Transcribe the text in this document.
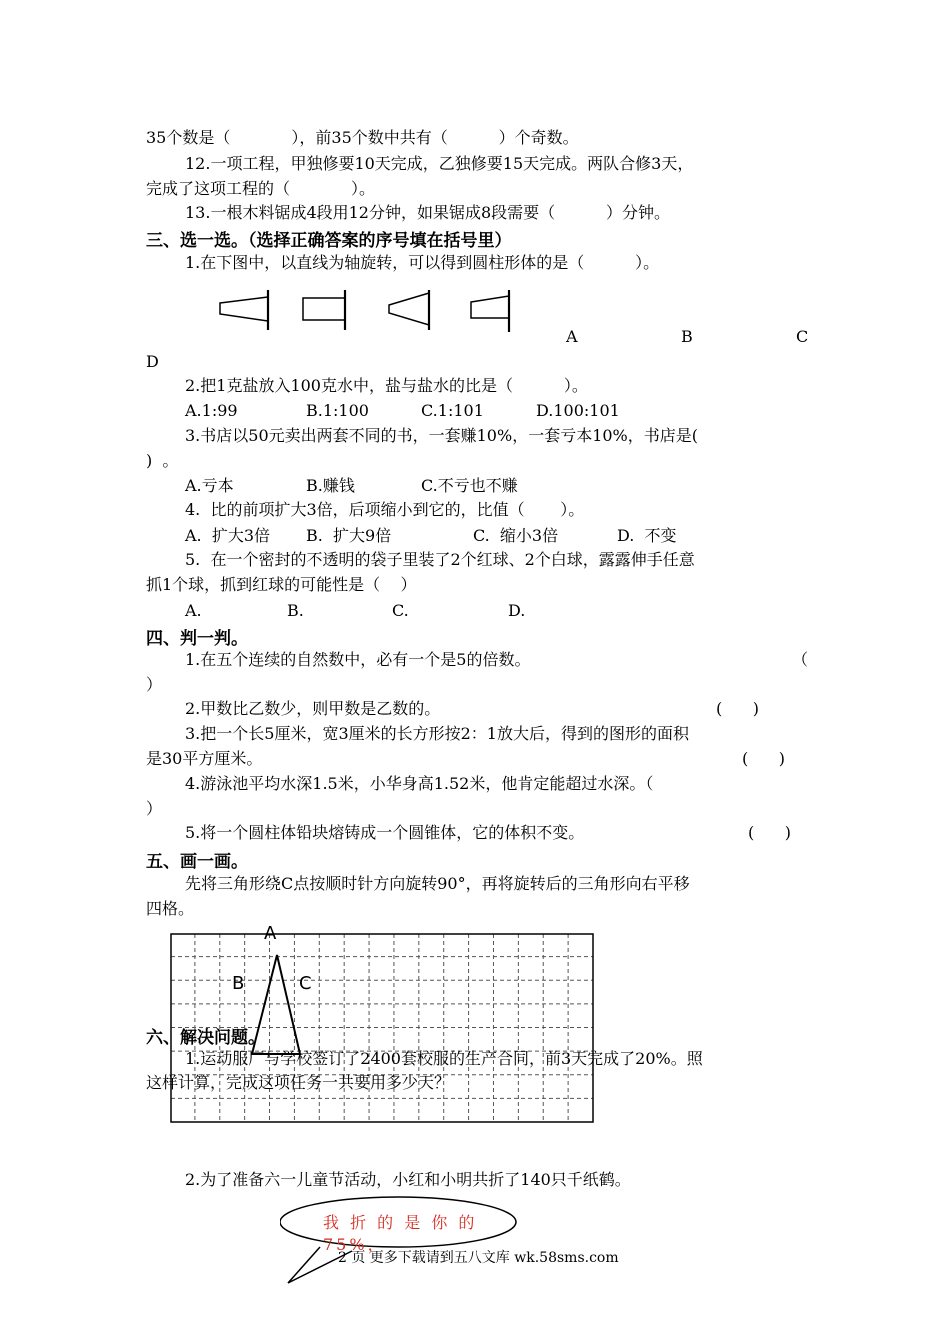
35个数是（            ），前35个数中共有（          ）个奇数。
12.一项工程，甲独修要10天完成，乙独修要15天完成。两队合修3天，
完成了这项工程的（            ）。
13.一根木料锯成4段用12分钟，如果锯成8段需要（          ）分钟。
三、选一选。（选择正确答案的序号填在括号里）
1.在下图中，以直线为轴旋转，可以得到圆柱形体的是（          ）。
A	B	C
D
2.把1克盐放入100克水中，盐与盐水的比是（          ）。
A.1:99	B.1:100	C.1:101	D.100:101
3.书店以50元卖出两套不同的书，一套赚10%，一套亏本10%，书店是(
)  。
A.亏本	B.赚钱	C.不亏也不赚
4.  比的前项扩大3倍，后项缩小到它的，比值（       ）。
A.  扩大3倍 B.  扩大9倍	C.  缩小3倍	D.  不变
5.  在一个密封的不透明的袋子里装了2个红球、2个白球，露露伸手任意
抓1个球，抓到红球的可能性是（    ）
A.	B.	C.	D.
四、判一判。
1.在五个连续的自然数中，必有一个是5的倍数。	（
）
2.甲数比乙数少，则甲数是乙数的。	(      )
3.把一个长5厘米，宽3厘米的长方形按2：1放大后，得到的图形的面积
是30平方厘米。	(      )
4.游泳池平均水深1.5米，小华身高1.52米，他肯定能超过水深。（
）
5.将一个圆柱体铅块熔铸成一个圆锥体，它的体积不变。	(      )
五、画一画。
先将三角形绕C点按顺时针方向旋转90°，再将旋转后的三角形向右平移
四格。
A
B	C
六、解决问题。
1.运动服厂与学校签订了2400套校服的生产合同，前3天完成了20%。照
这样计算，完成这项任务一共要用多少天？
2.为了准备六一儿童节活动，小红和小明共折了140只千纸鹤。
我 折 的 是 你 的
75%，
2 页 更多下载请到五八文库 wk.58sms.com
